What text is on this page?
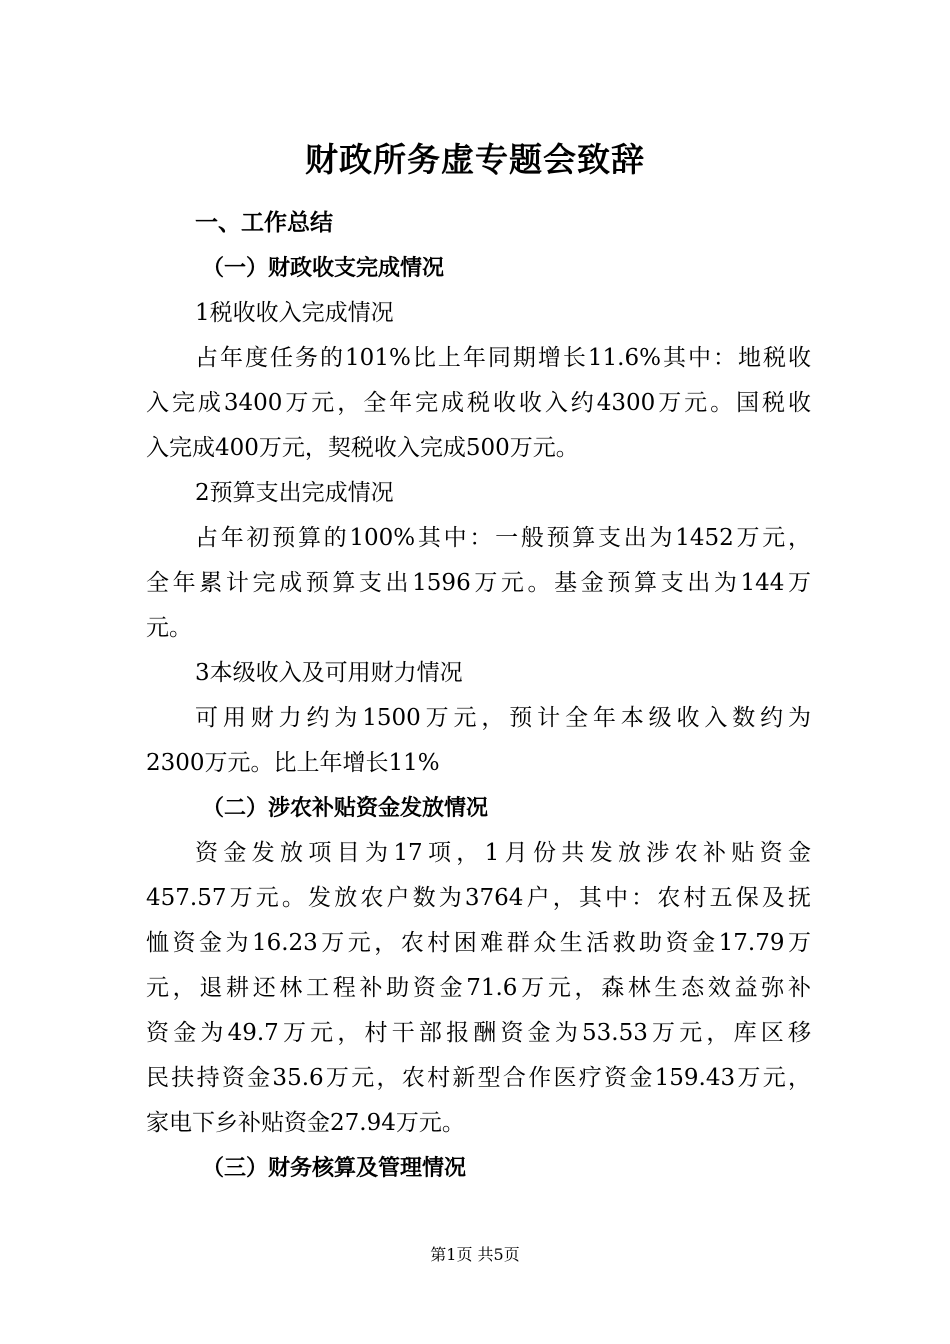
财政所务虚专题会致辞

一、工作总结

（一）财政收支完成情况

1税收收入完成情况

占年度任务的101%比上年同期增长11.6%其中：地税收

入完成3400万元，全年完成税收收入约4300万元。国税收

入完成400万元，契税收入完成500万元。

2预算支出完成情况

占年初预算的100%其中：一般预算支出为1452万元，

全年累计完成预算支出1596万元。基金预算支出为144万

元。

3本级收入及可用财力情况

可用财力约为1500万元，预计全年本级收入数约为

2300万元。比上年增长11%

（二）涉农补贴资金发放情况

资金发放项目为17项，1月份共发放涉农补贴资金

457.57万元。发放农户数为3764户，其中：农村五保及抚

恤资金为16.23万元，农村困难群众生活救助资金17.79万

元，退耕还林工程补助资金71.6万元，森林生态效益弥补

资金为49.7万元，村干部报酬资金为53.53万元，库区移

民扶持资金35.6万元，农村新型合作医疗资金159.43万元，

家电下乡补贴资金27.94万元。

（三）财务核算及管理情况

第1页 共5页
